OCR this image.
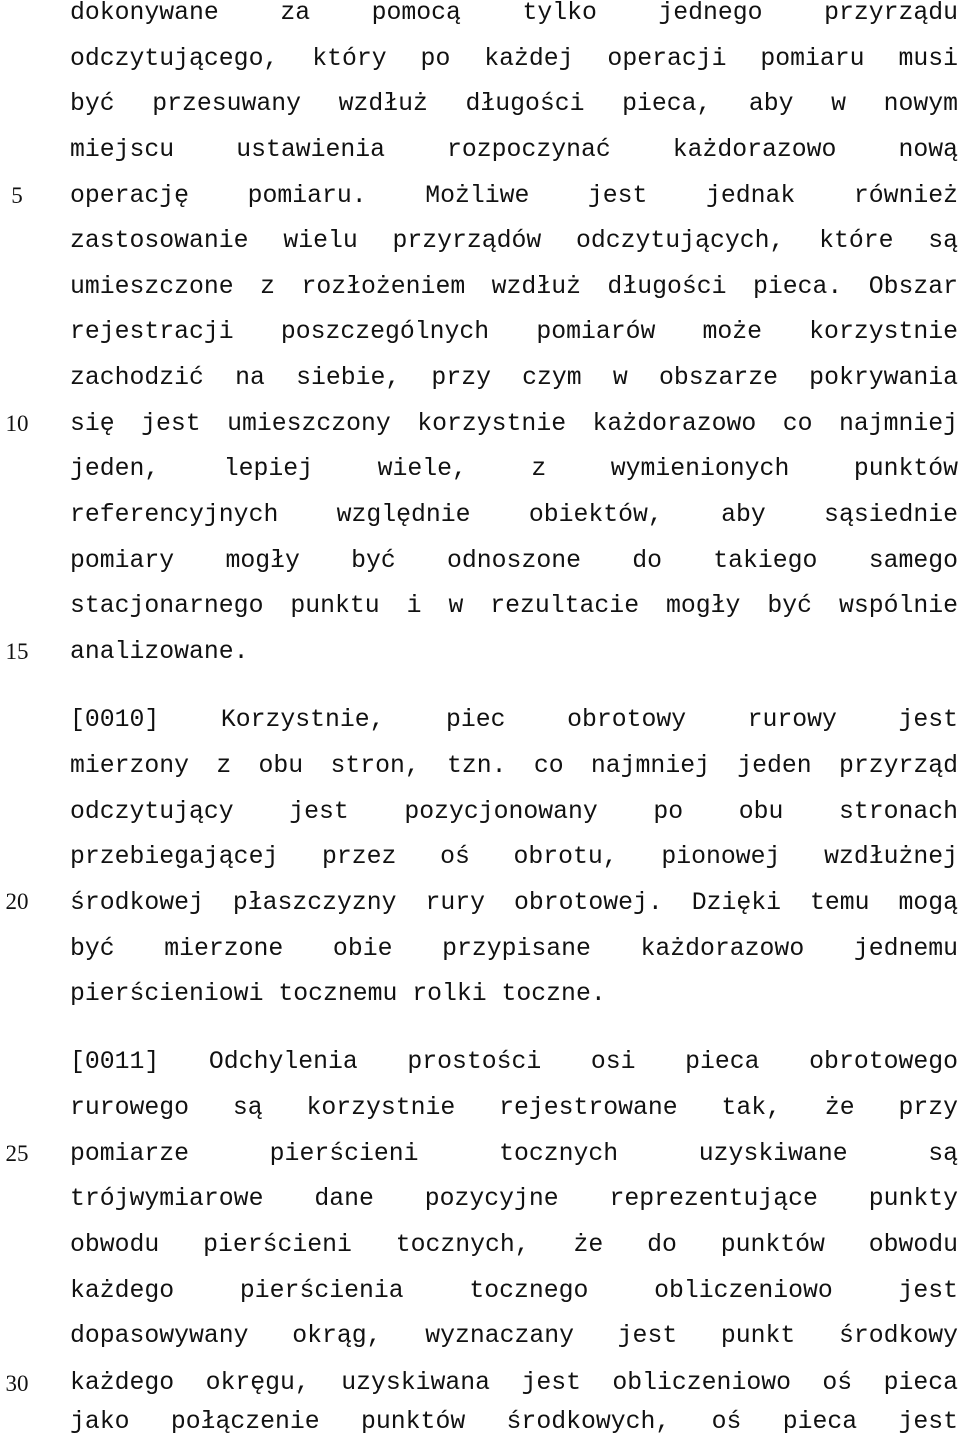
5
10
15
20
25
30
dokonywane za pomocą tylko jednego przyrządu
odczytującego, który po każdej operacji pomiaru musi
być przesuwany wzdłuż długości pieca, aby w nowym
miejscu ustawienia rozpoczynać każdorazowo nową
operację pomiaru. Możliwe jest jednak również
zastosowanie wielu przyrządów odczytujących, które są
umieszczone z rozłożeniem wzdłuż długości pieca. Obszar
rejestracji poszczególnych pomiarów może korzystnie
zachodzić na siebie, przy czym w obszarze pokrywania
się jest umieszczony korzystnie każdorazowo co najmniej
jeden, lepiej wiele, z wymienionych punktów
referencyjnych względnie obiektów, aby sąsiednie
pomiary mogły być odnoszone do takiego samego
stacjonarnego punktu i w rezultacie mogły być wspólnie
analizowane.
[0010] Korzystnie, piec obrotowy rurowy jest
mierzony z obu stron, tzn. co najmniej jeden przyrząd
odczytujący jest pozycjonowany po obu stronach
przebiegającej przez oś obrotu, pionowej wzdłużnej
środkowej płaszczyzny rury obrotowej. Dzięki temu mogą
być mierzone obie przypisane każdorazowo jednemu
pierścieniowi tocznemu rolki toczne.
[0011] Odchylenia prostości osi pieca obrotowego
rurowego są korzystnie rejestrowane tak, że przy
pomiarze pierścieni tocznych uzyskiwane są
trójwymiarowe dane pozycyjne reprezentujące punkty
obwodu pierścieni tocznych, że do punktów obwodu
każdego pierścienia tocznego obliczeniowo jest
dopasowywany okrąg, wyznaczany jest punkt środkowy
każdego okręgu, uzyskiwana jest obliczeniowo oś pieca
jako połączenie punktów środkowych, oś pieca jest
